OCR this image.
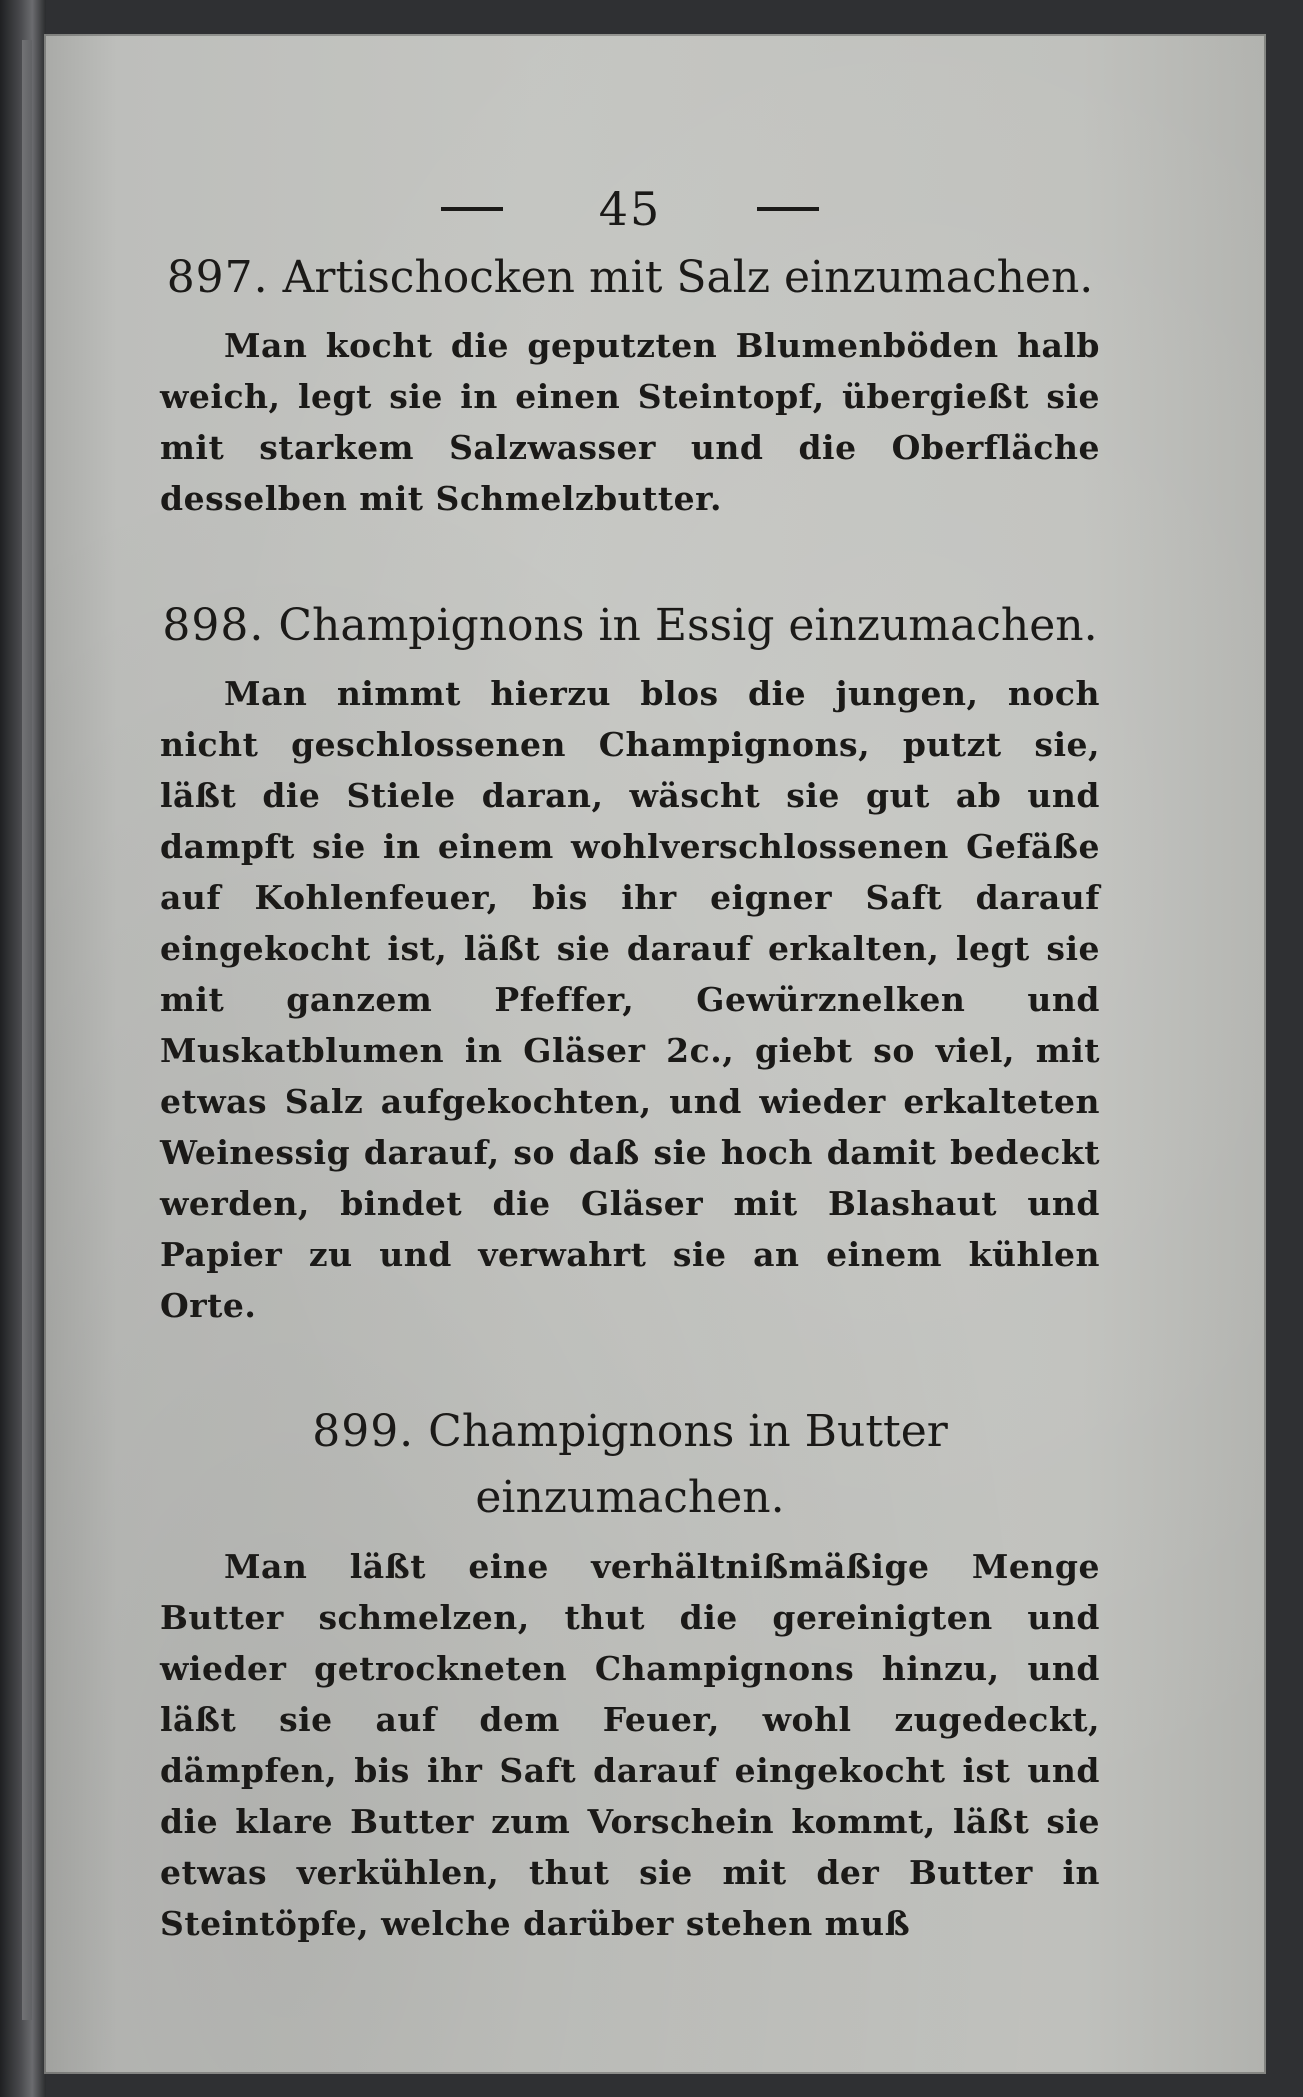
45
897. Artischocken mit Salz einzumachen.

Man kocht die geputzten Blumenböden halb weich, legt sie in einen Steintopf, übergießt sie mit starkem Salzwasser und die Oberfläche desselben mit Schmelzbutter.

898. Champignons in Essig einzumachen.

Man nimmt hierzu blos die jungen, noch nicht geschlossenen Champignons, putzt sie, läßt die Stiele daran, wäscht sie gut ab und dampft sie in einem wohlverschlossenen Gefäße auf Kohlenfeuer, bis ihr eigner Saft darauf eingekocht ist, läßt sie darauf erkalten, legt sie mit ganzem Pfeffer, Gewürznelken und Muskatblumen in Gläser 2c., giebt so viel, mit etwas Salz aufgekochten, und wieder erkalteten Weinessig darauf, so daß sie hoch damit bedeckt werden, bindet die Gläser mit Blashaut und Papier zu und verwahrt sie an einem kühlen Orte.

899. Champignons in Butter einzumachen.

Man läßt eine verhältnißmäßige Menge Butter schmelzen, thut die gereinigten und wieder getrockneten Champignons hinzu, und läßt sie auf dem Feuer, wohl zugedeckt, dämpfen, bis ihr Saft darauf eingekocht ist und die klare Butter zum Vorschein kommt, läßt sie etwas verkühlen, thut sie mit der Butter in Steintöpfe, welche darüber stehen muß
